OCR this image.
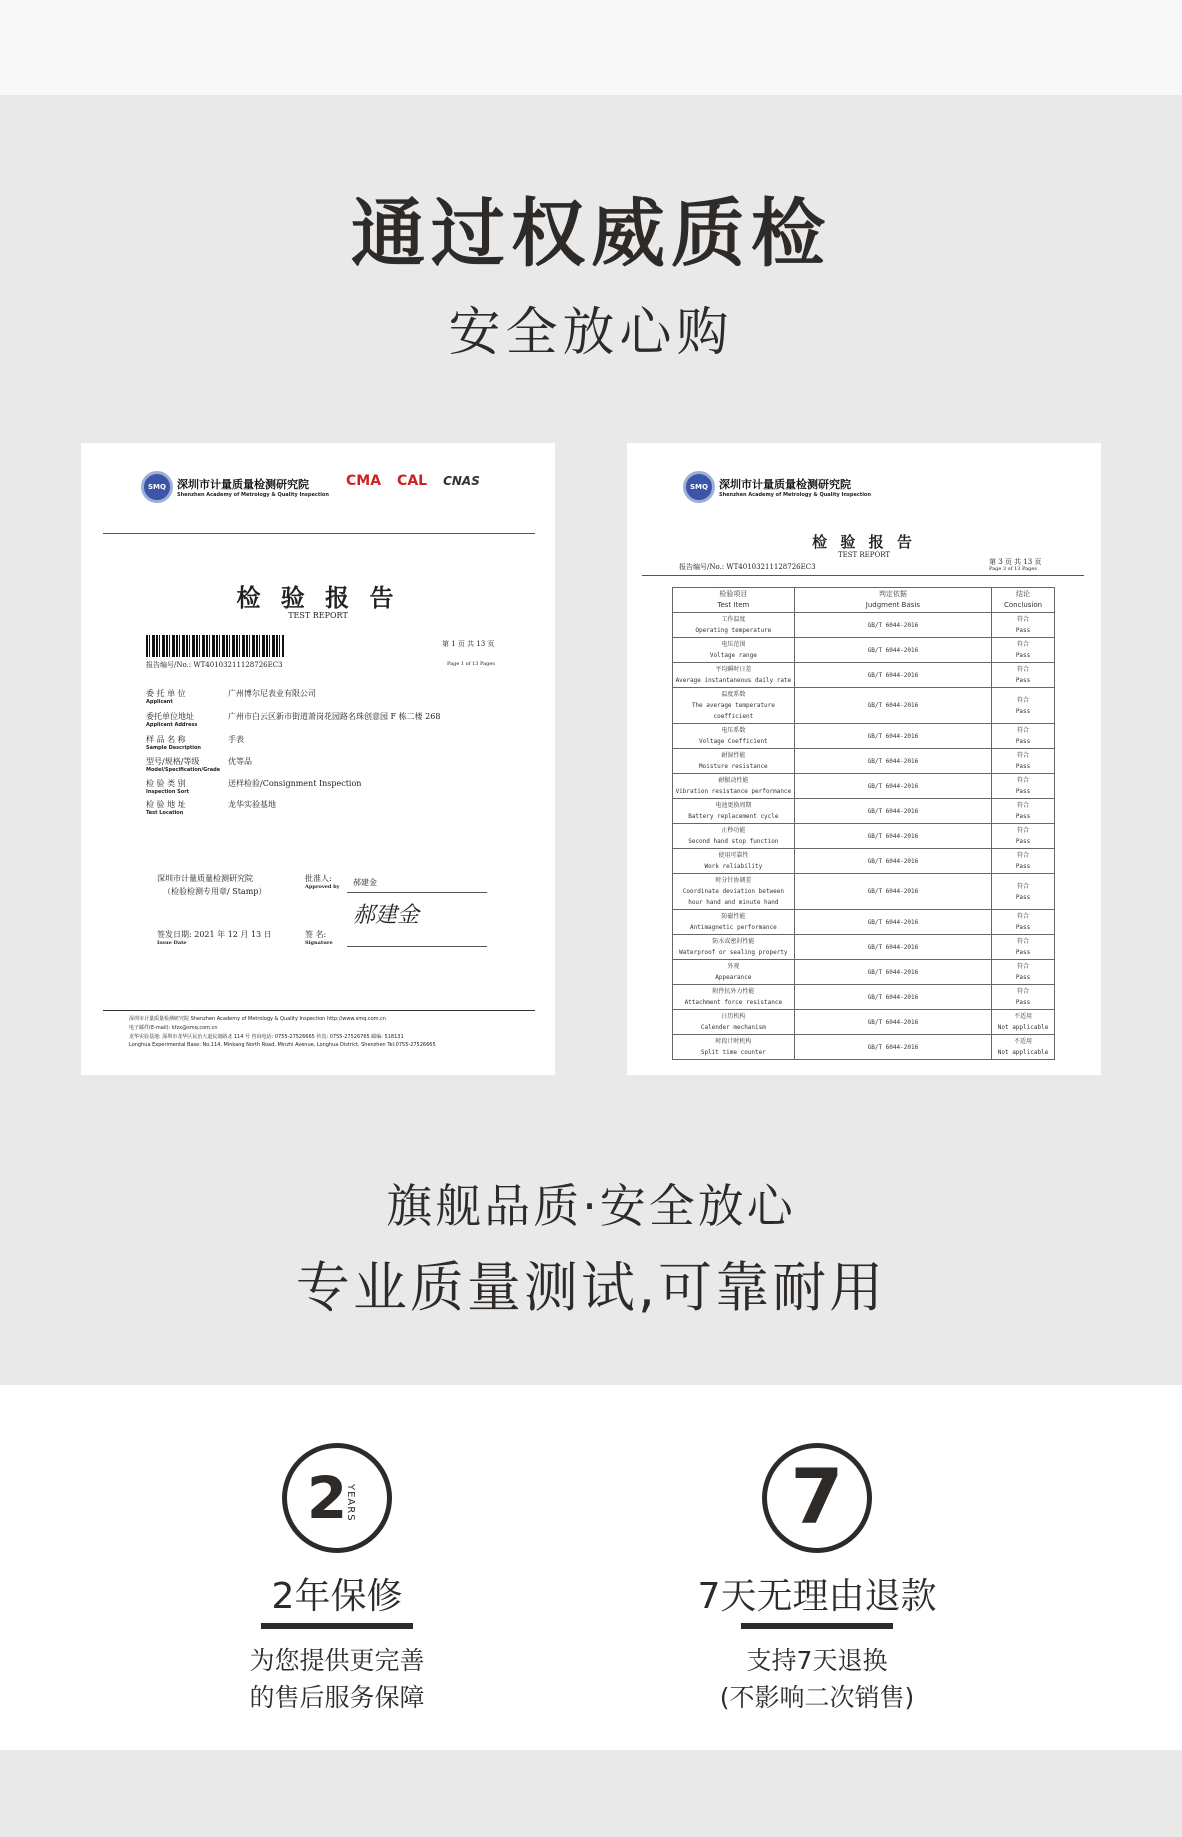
通过权威质检
安全放心购
SMQ	深圳市计量质量检测研究院
Shenzhen Academy of Metrology & Quality Inspection
CMA CAL CNAS
检 验 报 告
TEST REPORT
报告编号/No.: WT40103211128726EC3
第 1 页 共 13 页
Page 1 of 13 Pages
委 托 单 位
Applicant
广州博尔尼表业有限公司
委托单位地址
Applicant Address
广州市白云区新市街道萧岗花园路名珠创意园 F 栋二楼 268
样 品 名 称
Sample Description
手表
型号/规格/等级
Model/Specification/Grade
优等品
检 验 类 别
Inspection Sort
送样检验/Consignment Inspection
检 验 地 址
Test Location
龙华实验基地
深圳市计量质量检测研究院
（检验检测专用章/ Stamp）
批准人:
Approved by 郝建金
郝建金
签发日期: 2021 年 12 月 13 日
Issue Date
签 名:
Signature
深圳市计量质量检测研究院 Shenzhen Academy of Metrology & Quality Inspection http://www.smq.com.cn
电子邮件(E-mail): kfzx@smq.com.cn
龙华实验基地: 深圳市龙华区民治大道民康路北 114 号 咨询电话: 0755-27526665 传真: 0755-27526765 邮编: 518131
Longhua Experimental Base: No.114, Minkang North Road, Minzhi Avenue, Longhua District, Shenzhen Tel:0755-27526665
SMQ	深圳市计量质量检测研究院
Shenzhen Academy of Metrology & Quality Inspection
检 验 报 告
TEST REPORT
报告编号/No.: WT40103211128726EC3
第 3 页 共 13 页
Page 3 of 13 Pages
检验项目
Test Item	判定依据
Judgment Basis	结论
Conclusion

工作温度
Operating temperature	GB/T 6044-2016	符合
Pass

电压范围
Voltage range	GB/T 6044-2016	符合
Pass

平均瞬时日差
Average instantaneous daily rate	GB/T 6044-2016	符合
Pass

温度系数
The average temperature coefficient	GB/T 6044-2016	符合
Pass

电压系数
Voltage Coefficient	GB/T 6044-2016	符合
Pass

耐湿性能
Moisture resistance	GB/T 6044-2016	符合
Pass

耐振动性能
Vibration resistance performance	GB/T 6044-2016	符合
Pass

电池更换周期
Battery replacement cycle	GB/T 6044-2016	符合
Pass

止秒功能
Second hand stop function	GB/T 6044-2016	符合
Pass

使用可靠性
Work reliability	GB/T 6044-2016	符合
Pass

时分针协调差
Coordinate deviation between hour hand and minute hand	GB/T 6044-2016	符合
Pass

防磁性能
Antimagnetic performance	GB/T 6044-2016	符合
Pass

防水或密封性能
Waterproof or sealing property	GB/T 6044-2016	符合
Pass

外观
Appearance	GB/T 6044-2016	符合
Pass

附件抗外力性能
Attachment force resistance	GB/T 6044-2016	符合
Pass

日历机构
Calender mechanism	GB/T 6044-2016	不适用
Not applicable

时段计时机构
Split time counter	GB/T 6044-2016	不适用
Not applicable
旗舰品质·安全放心
专业质量测试,可靠耐用
2
YEARS
2年保修
为您提供更完善
的售后服务保障
7
7天无理由退款
支持7天退换
(不影响二次销售)
